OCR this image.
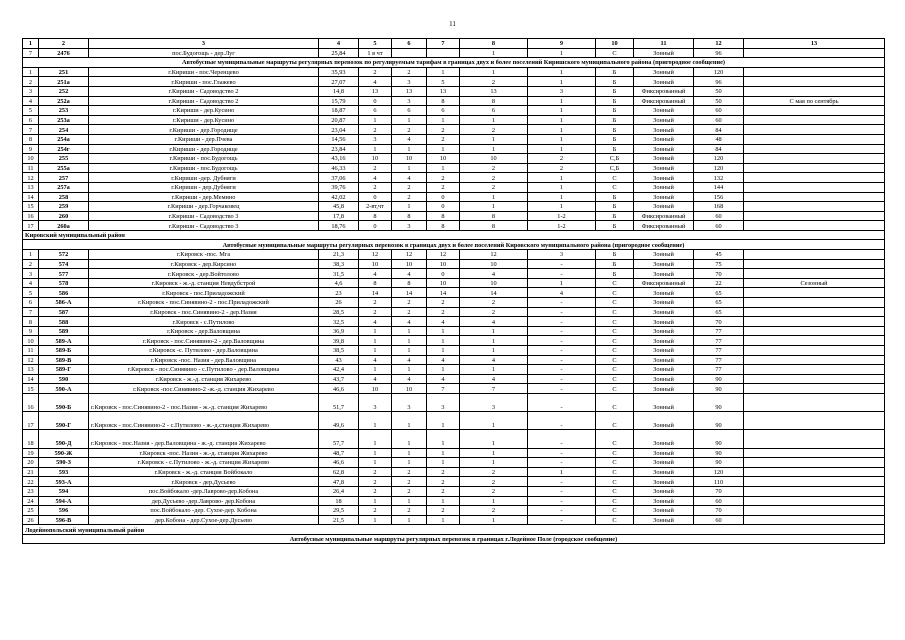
11
1	2	3	4	5	6	7	8	9	10	11	12	13
7	2476	пос.Будогощь - дер.Луг	25,84	1 в чт			1	1	С	Зонный	96	
Автобусные муниципальные маршруты регулярных перевозок по регулируемым тарифам в границах двух и более поселений Киришского муниципального района (пригородное сообщение)												
1	251	г.Кириши - пос.Черенцево	35,93	2	2	1	1	1	Б	Зонный	120	
2	251а	г.Кириши - пос.Глажево	27,07	4	3	5	2	1	Б	Зонный	96	
3	252	г.Кириши - Садоводство 2	14,8	13	13	13	13	3	Б	Фиксированный	50	
4	252а	г.Кириши - Садоводство 2	15,79	0	3	8	8	1	Б	Фиксированный	50	С мая по сентябрь
5	253	г.Кириши - дер.Кусино	18,87	6	6	6	6	1	Б	Зонный	60	
6	253а	г.Кириши - дер.Кусино	20,87	1	1	1	1	1	Б	Зонный	60	
7	254	г.Кириши - дер.Городище	23,04	2	2	2	2	1	Б	Зонный	84	
8	254а	г.Кириши - дер.Пчева	14,56	3	4	2	1	1	Б	Зонный	48	
9	254г	г.Кириши - дер.Городище	23,84	1	1	1	1	1	Б	Зонный	84	
10	255	г.Кириши - пос.Будогощь	43,16	10	10	10	10	2	С,Б	Зонный	120	
11	255а	г.Кириши - пос.Будогощь	46,33	2	1	1	2	2	С,Б	Зонный	120	
12	257	г.Кириши -дер. Дубняги	37,06	4	4	2	2	1	С	Зонный	132	
13	257а	г.Кириши - дер.Дубняги	39,76	2	2	2	2	1	С	Зонный	144	
14	258	г.Кириши - дер.Мемино	42,02	0	2	0	1	1	Б	Зонный	156	
15	259	г.Кириши - дер.Горчаковец	45,8	2-вт,чт	1	0	1	1	Б	Зонный	168	
16	260	г.Кириши - Садоводство 3	17,8	8	8	8	8	1-2	Б	Фиксированный	60	
17	260а	г.Кириши - Садоводство 3	18,76	0	3	8	8	1-2	Б	Фиксированный	60	
Кировский муниципальный район												
Автобусные муниципальные маршруты регулярных перевозок в границах двух и более поселений Кировского муниципального района (пригородное сообщение)												
1	572	г.Кировск -пос. Мга	21,3	12	12	12	12	3	Б	Зонный	45	
2	574	г.Кировск - дер.Кирсино	38,3	10	10	10	10	-	Б	Зонный	75	
3	577	г.Кировск - дер.Войтолово	31,5	4	4	0	4	-	Б	Зонный	70	
4	578	г.Кировск - ж.-д. станция Невдубстрой	4,6	8	8	10	10	1	С	Фиксированный	22	Сезонный
5	586	г.Кировск - пос.Приладожский	23	14	14	14	14	4	С	Зонный	65	
6	586-А	г.Кировск - пос.Синявино-2 - пос.Приладожский	26	2	2	2	2	-	С	Зонный	65	
7	587	г.Кировск - пос.Синявино-2 - дер.Назия	28,5	2	2	2	2	-	С	Зонный	65	
8	588	г.Кировск - с.Путилово	32,5	4	4	4	4	-	С	Зонный	70	
9	589	г.Кировск - дер.Валовщина	36,9	1	1	1	1	-	С	Зонный	77	
10	589-А	г.Кировск - пос.Синявино-2 - дер.Валовщина	39,8	1	1	1	1	-	С	Зонный	77	
11	589-Б	г.Кировск -с. Путилово - дер.Валовщина	38,5	1	1	1	1	-	С	Зонный	77	
12	589-В	г.Кировск -пос. Назия - дер.Валовщина	43	4	4	4	4	-	С	Зонный	77	
13	589-Г	г.Кировск - пос.Синявино - с.Путилово - дер.Валовщина	42,4	1	1	1	1	-	С	Зонный	77	
14	590	г.Кировск - ж.-д. станция Жихарево	43,7	4	4	4	4	-	С	Зонный	90	
15	590-А	г.Кировск -пос.Синявино-2 -ж.-д. станция Жихарево	46,6	10	10	7	7	-	С	Зонный	90	
16	590-Б	г.Кировск - пос.Синявино-2 - пос.Назия - ж.-д. станция Жихарево	51,7	3	3	3	3	-	С	Зонный	90	
17	590-Г	г.Кировск - пос.Синявино-2 - с.Путилово - ж.-д.станция Жихарево	49,6	1	1	1	1	-	С	Зонный	90	
18	590-Д	г.Кировск - пос.Назия - дер.Валовщина - ж.-д. станция Жихарево	57,7	1	1	1	1	-	С	Зонный	90	
19	590-Ж	г.Кировск -пос. Назия - ж.-д. станция Жихарево	48,7	1	1	1	1	-	С	Зонный	90	
20	590-З	г.Кировск - с.Путилово - ж.-д. станция Жихарево	46,6	1	1	1	1	-	С	Зонный	90	
21	593	г.Кировск - ж.-д. станция Войбокало	62,8	2	2	2	2	1	С	Зонный	120	
22	593-А	г.Кировск - дер.Дусьево	47,8	2	2	2	2	-	С	Зонный	110	
23	594	пос.Войбокало -дер.Лаврово-дер.Кобона	26,4	2	2	2	2	-	С	Зонный	70	
24	594-А	дер.Дусьево -дер.Лаврово- дер.Кобона	18	1	1	1	1	-	С	Зонный	60	
25	596	пос.Войбокало -дер. Сухое-дер. Кобона	29,5	2	2	2	2	-	С	Зонный	70	
26	596-В	дер.Кобона - дер.Сухое-дер.Дусьево	21,5	1	1	1	1	-	С	Зонный	60	
Лодейнопольский муниципальный район												
Автобусные муниципальные маршруты регулярных перевозок в границах г.Лодейное Поле (городское сообщение)												
